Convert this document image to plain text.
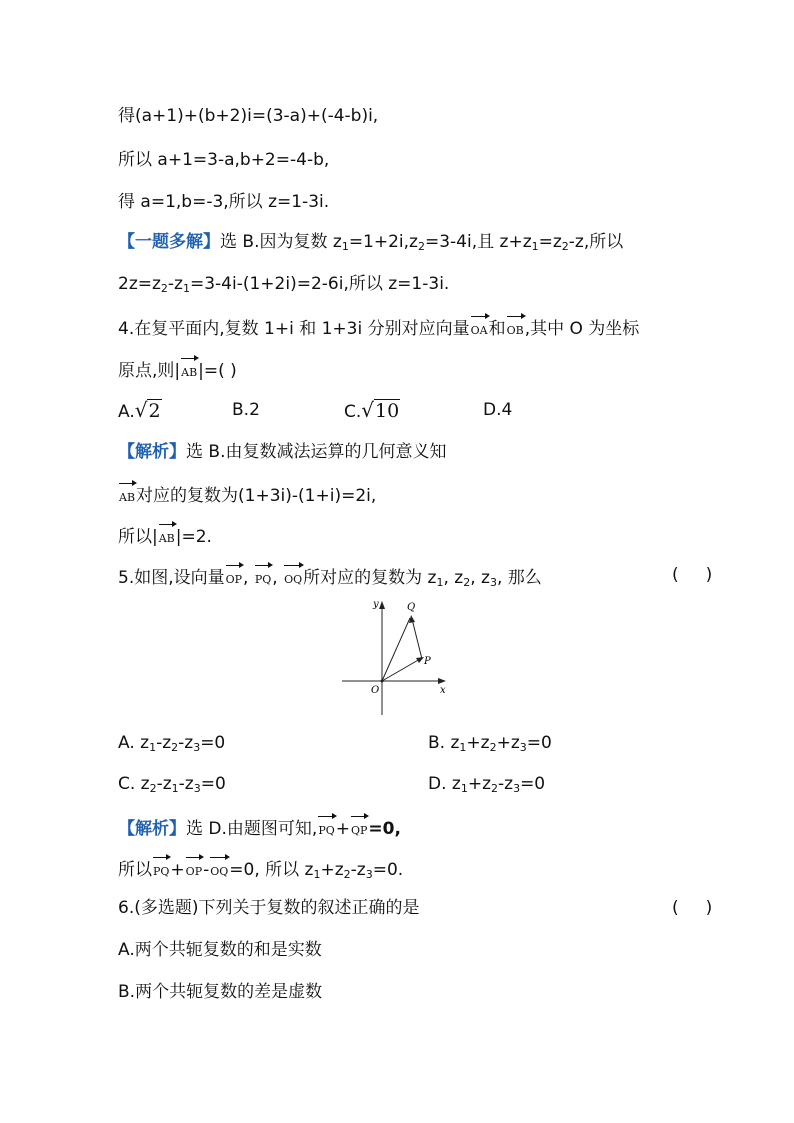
得(a+1)+(b+2)i=(3-a)+(-4-b)i,
所以 a+1=3-a,b+2=-4-b,
得 a=1,b=-3,所以 z=1-3i.
【一题多解】选 B.因为复数 $z_1=1+2i,z_2=3-4i$,且 $z+z_1=z_2-z$,所以
$2z=z_2-z_1=3-4i-(1+2i)=2-6i$,所以 z=1-3i.
4.在复平面内,复数 1+i 和 1+3i 分别对应向量OA和OB,其中 O 为坐标
原点,则|AB|=( )
A.√2	B.2	C.√10	D.4
【解析】选 B.由复数减法运算的几何意义知
AB对应的复数为(1+3i)-(1+i)=2i,
所以|AB|=2.
5.如图,设向量OP, PQ, OQ所对应的复数为 $z_1$, $z_2$, $z_3$, 那么	(     )
y
x
O
Q
P
A. $z_1-z_2-z_3=0$	B. $z_1+z_2+z_3=0$
C. $z_2-z_1-z_3=0$	D. $z_1+z_2-z_3=0$
【解析】选 D.由题图可知,PQ+QP=0,
所以PQ+OP-OQ=0, 所以 $z_1+z_2-z_3=0$.
6.(多选题)下列关于复数的叙述正确的是	(     )
A.两个共轭复数的和是实数
B.两个共轭复数的差是虚数
